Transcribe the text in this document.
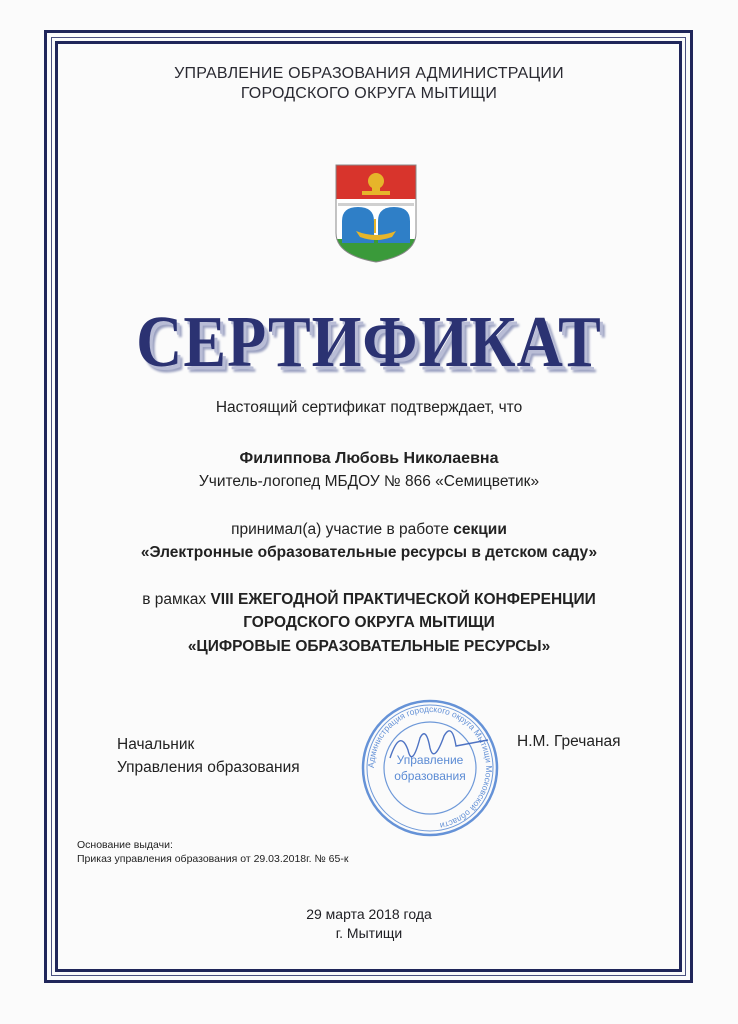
УПРАВЛЕНИЕ ОБРАЗОВАНИЯ АДМИНИСТРАЦИИ
ГОРОДСКОГО ОКРУГА МЫТИЩИ
СЕРТИФИКАТ
Настоящий сертификат подтверждает, что
Филиппова Любовь Николаевна
Учитель-логопед МБДОУ № 866 «Семицветик»
принимал(а) участие в работе секции
«Электронные образовательные ресурсы в детском саду»
в рамках VIII ЕЖЕГОДНОЙ ПРАКТИЧЕСКОЙ КОНФЕРЕНЦИИ
ГОРОДСКОГО ОКРУГА МЫТИЩИ
«ЦИФРОВЫЕ ОБРАЗОВАТЕЛЬНЫЕ РЕСУРСЫ»
Начальник
Управления образования	Администрация городского округа Мытищи Московской области
Управление
образования
Н.М. Гречаная
Основание выдачи:
Приказ управления образования от 29.03.2018г. № 65-к
29 марта 2018 года
г. Мытищи
